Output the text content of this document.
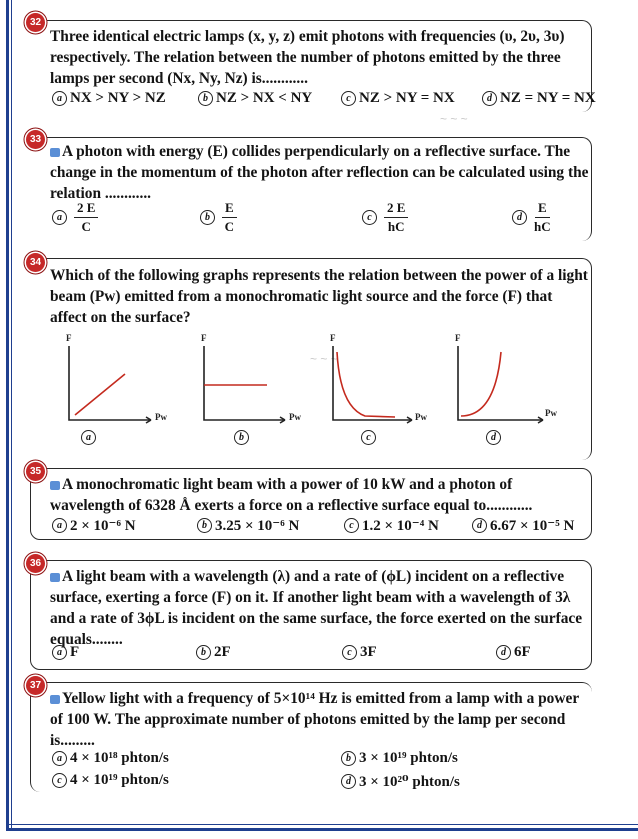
~ ~ ~
~ ~ ~
32

Three identical electric lamps (x, y, z) emit photons with frequencies (υ, 2υ, 3υ) respectively. The relation between the number of photons emitted by the three lamps per second (Nx, Ny, Nz) is............

a NX > NY > NZ	b NZ > NX < NY	c NZ > NY = NX	d NZ = NY = NX
33

A photon with energy (E) collides perpendicularly on a reflective surface. The change in the momentum of the photon after reflection can be calculated using the relation ............

a $\frac{2 E}{C}$	b $\frac{E}{C}$	c $\frac{2 E}{hC}$	d $\frac{E}{hC}$
34

Which of the following graphs represents the relation between the power of a light beam (Pw) emitted from a monochromatic light source and the force (F) that affect on the surface?

F
Pw
F
Pw
F
Pw
F
Pw
a	b	c	d
35

A monochromatic light beam with a power of 10 kW and a photon of wavelength of 6328 Å exerts a force on a reflective surface equal to............

a 2 × 10⁻⁶ N	b 3.25 × 10⁻⁶ N	c 1.2 × 10⁻⁴ N	d 6.67 × 10⁻⁵ N
36

A light beam with a wavelength (λ) and a rate of (ϕL) incident on a reflective surface, exerting a force (F) on it. If another light beam with a wavelength of 3λ and a rate of 3ϕL is incident on the same surface, the force exerted on the surface equals........

a F	b 2F	c 3F	d 6F
37

Yellow light with a frequency of 5×10¹⁴ Hz is emitted from a lamp with a power of 100 W. The approximate number of photons emitted by the lamp per second is.........

a 4 × 10¹⁸ phton/s	b 3 × 10¹⁹ phton/s
c 4 × 10¹⁹ phton/s	d 3 × 10²⁰ phton/s
